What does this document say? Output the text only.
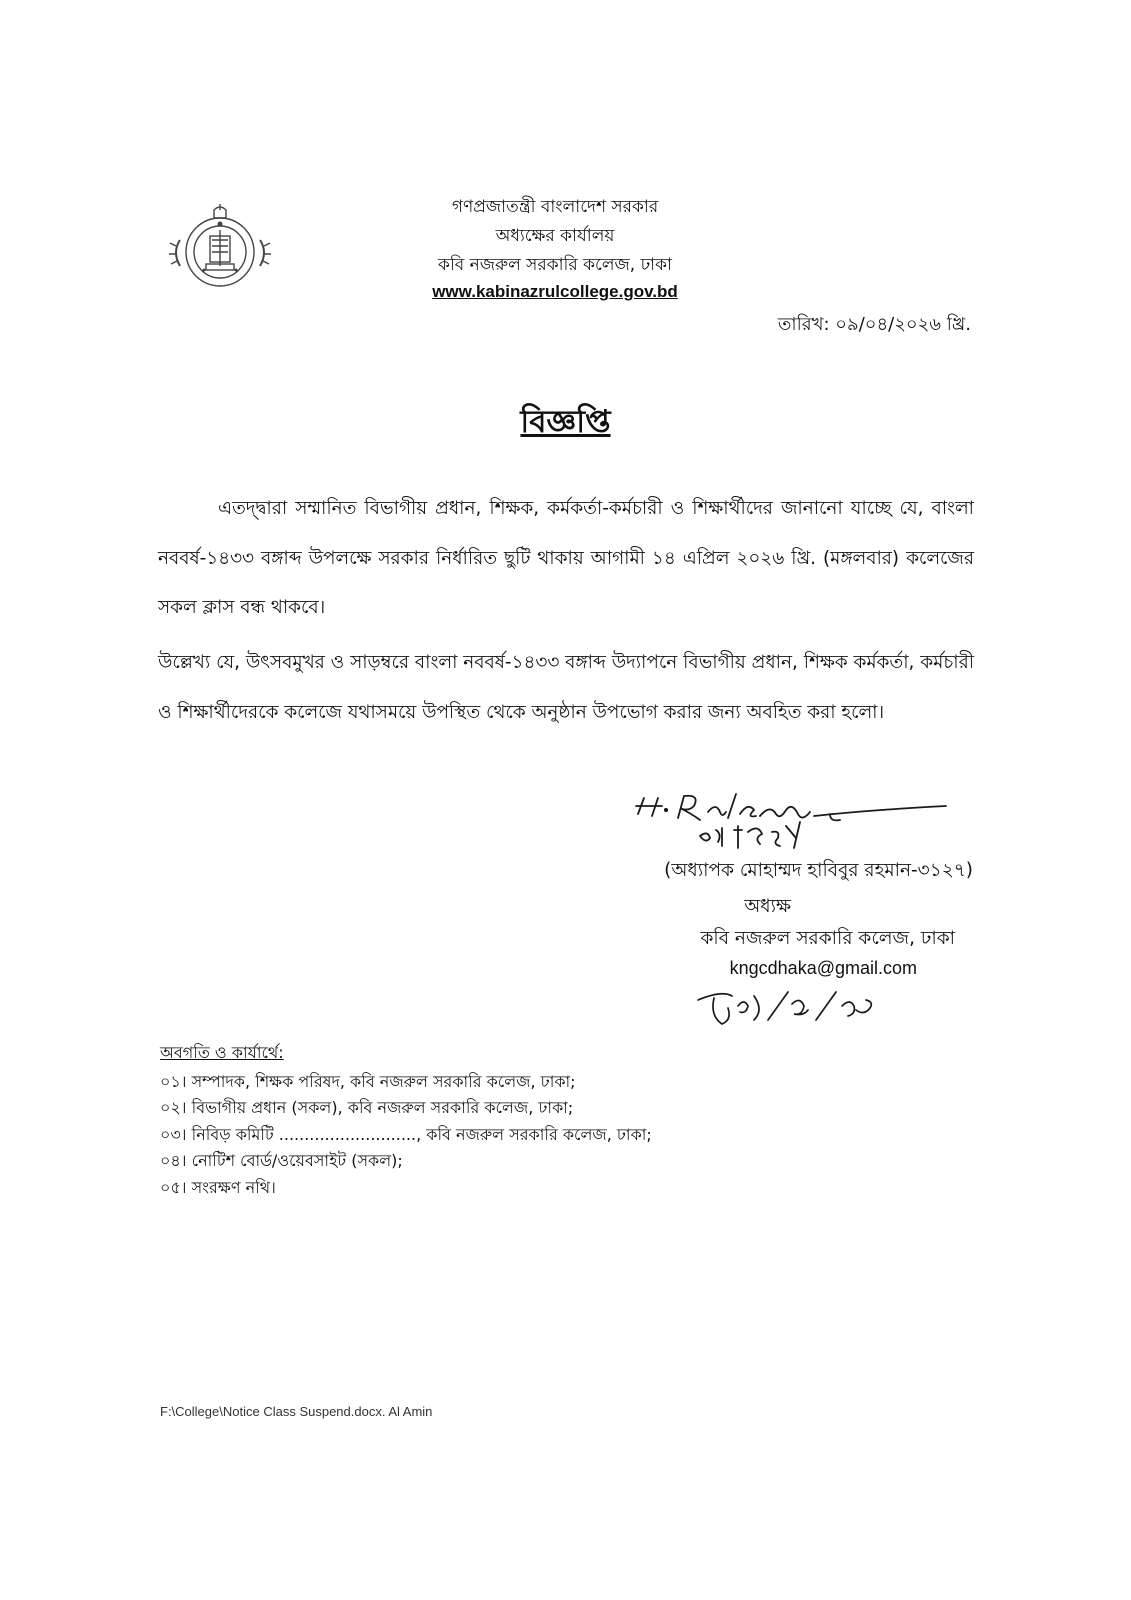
গণপ্রজাতন্ত্রী বাংলাদেশ সরকার
অধ্যক্ষের কার্যালয়
কবি নজরুল সরকারি কলেজ, ঢাকা
www.kabinazrulcollege.gov.bd
তারিখ: ০৯/০৪/২০২৬ খ্রি.
বিজ্ঞপ্তি
এতদ্দ্বারা সম্মানিত বিভাগীয় প্রধান, শিক্ষক, কর্মকর্তা-কর্মচারী ও শিক্ষার্থীদের জানানো যাচ্ছে যে, বাংলা নববর্ষ-১৪৩৩ বঙ্গাব্দ উপলক্ষে সরকার নির্ধারিত ছুটি থাকায় আগামী ১৪ এপ্রিল ২০২৬ খ্রি. (মঙ্গলবার) কলেজের সকল ক্লাস বন্ধ থাকবে।
উল্লেখ্য যে, উৎসবমুখর ও সাড়ম্বরে বাংলা নববর্ষ-১৪৩৩ বঙ্গাব্দ উদ্যাপনে বিভাগীয় প্রধান, শিক্ষক কর্মকর্তা, কর্মচারী ও শিক্ষার্থীদেরকে কলেজে যথাসময়ে উপস্থিত থেকে অনুষ্ঠান উপভোগ করার জন্য অবহিত করা হলো।
(অধ্যাপক মোহাম্মদ হাবিবুর রহমান-৩১২৭)
অধ্যক্ষ
কবি নজরুল সরকারি কলেজ, ঢাকা
kngcdhaka@gmail.com
অবগতি ও কার্যার্থে:
০১। সম্পাদক, শিক্ষক পরিষদ, কবি নজরুল সরকারি কলেজ, ঢাকা;
০২। বিভাগীয় প্রধান (সকল), কবি নজরুল সরকারি কলেজ, ঢাকা;
০৩। নিবিড় কমিটি ..........................., কবি নজরুল সরকারি কলেজ, ঢাকা;
০৪। নোটিশ বোর্ড/ওয়েবসাইট (সকল);
০৫। সংরক্ষণ নথি।
F:\College\Notice Class Suspend.docx. Al Amin
